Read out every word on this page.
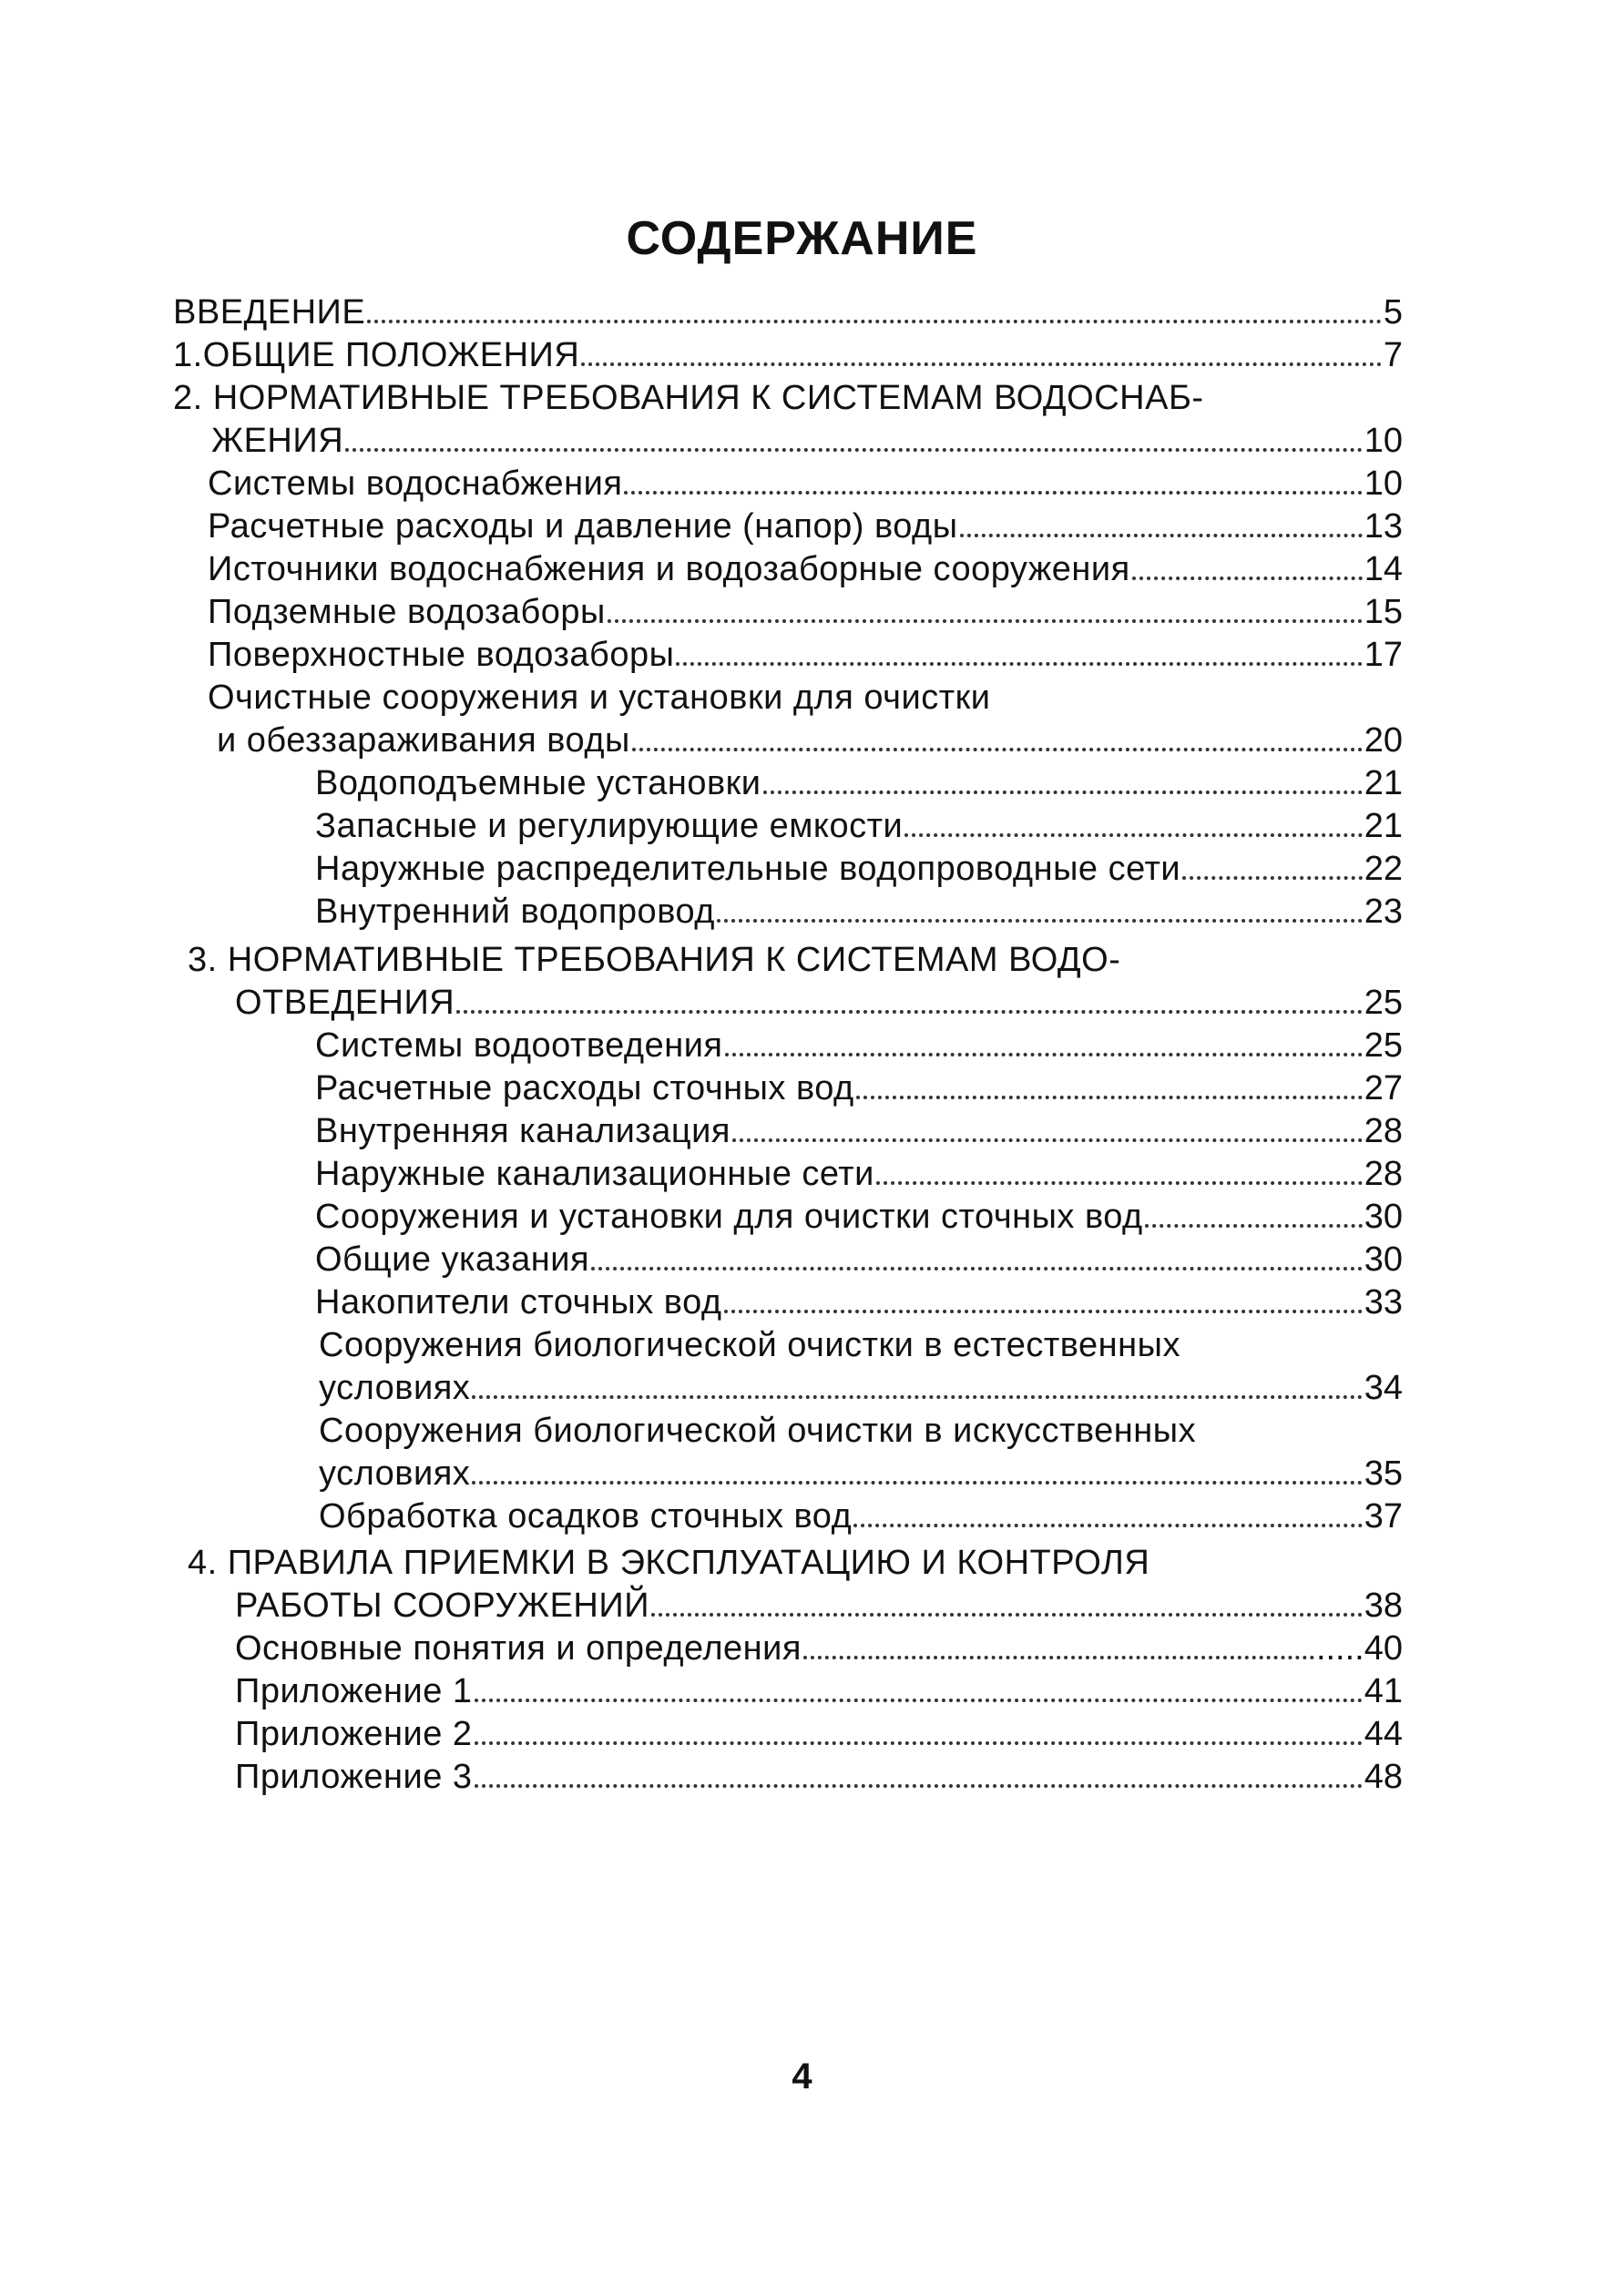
СОДЕРЖАНИЕ
ВВЕДЕНИЕ	5
1.ОБЩИЕ ПОЛОЖЕНИЯ	7
2. НОРМАТИВНЫЕ ТРЕБОВАНИЯ К СИСТЕМАМ ВОДОСНАБ-
ЖЕНИЯ	10
Системы водоснабжения	10
Расчетные расходы и давление (напор) воды	13
Источники водоснабжения и водозаборные сооружения	14
Подземные водозаборы	15
Поверхностные водозаборы	17
Очистные сооружения и установки для очистки
и обеззараживания воды	20
Водоподъемные установки	21
Запасные и регулирующие емкости	21
Наружные распределительные водопроводные сети	22
Внутренний водопровод	23
3. НОРМАТИВНЫЕ ТРЕБОВАНИЯ К СИСТЕМАМ ВОДО-
ОТВЕДЕНИЯ	25
Системы водоотведения	25
Расчетные расходы сточных вод	27
Внутренняя канализация	28
Наружные канализационные сети	28
Сооружения и установки для очистки сточных вод	30
Общие указания	30
Накопители сточных вод	33
Сооружения биологической очистки в естественных
условиях	34
Сооружения биологической очистки в искусственных
условиях	35
Обработка осадков сточных вод	37
4. ПРАВИЛА ПРИЕМКИ В ЭКСПЛУАТАЦИЮ И КОНТРОЛЯ
РАБОТЫ СООРУЖЕНИЙ	38
Основные понятия и определения	.....40
Приложение 1	41
Приложение 2	44
Приложение 3	48
4
